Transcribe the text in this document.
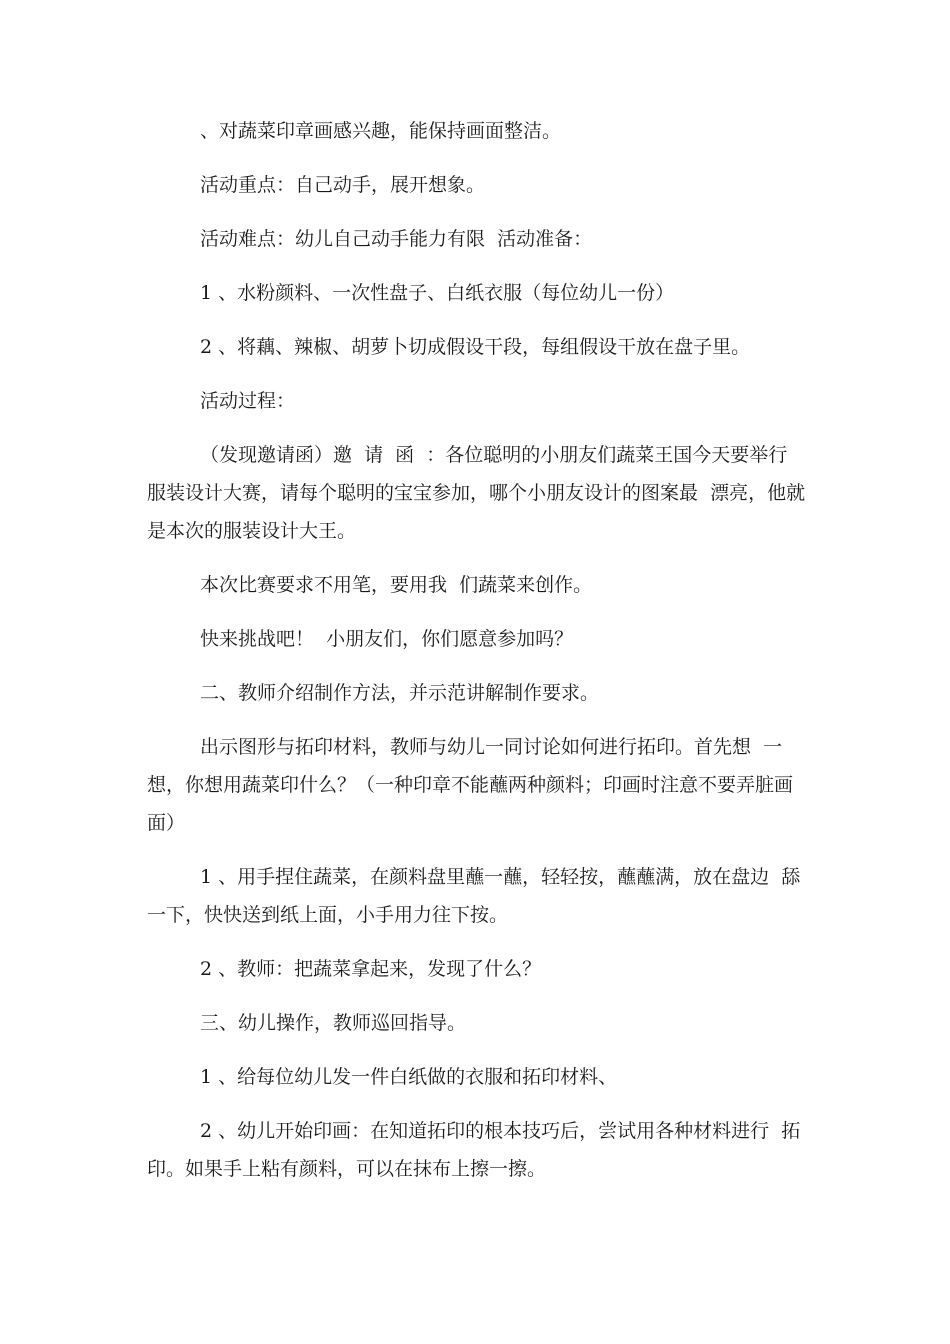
、对蔬菜印章画感兴趣，能保持画面整洁。

活动重点：自己动手，展开想象。

活动难点：幼儿自己动手能力有限  活动准备：

1 、水粉颜料、一次性盘子、白纸衣服（每位幼儿一份）

2 、将藕、辣椒、胡萝卜切成假设干段，每组假设干放在盘子里。

活动过程：

（发现邀请函）邀  请  函  ：各位聪明的小朋友们蔬菜王国今天要举行  服装设计大赛，请每个聪明的宝宝参加，哪个小朋友设计的图案最  漂亮，他就是本次的服装设计大王。

本次比赛要求不用笔，要用我  们蔬菜来创作。

快来挑战吧！  小朋友们，你们愿意参加吗？

二、教师介绍制作方法，并示范讲解制作要求。

出示图形与拓印材料，教师与幼儿一同讨论如何进行拓印。首先想  一想，你想用蔬菜印什么？（一种印章不能蘸两种颜料；印画时注意不要弄脏画面）

1 、用手捏住蔬菜，在颜料盘里蘸一蘸，轻轻按，蘸蘸满，放在盘边  舔一下，快快送到纸上面，小手用力往下按。

2 、教师：把蔬菜拿起来，发现了什么？

三、幼儿操作，教师巡回指导。

1 、给每位幼儿发一件白纸做的衣服和拓印材料、

2 、幼儿开始印画：在知道拓印的根本技巧后，尝试用各种材料进行  拓印。如果手上粘有颜料，可以在抹布上擦一擦。
